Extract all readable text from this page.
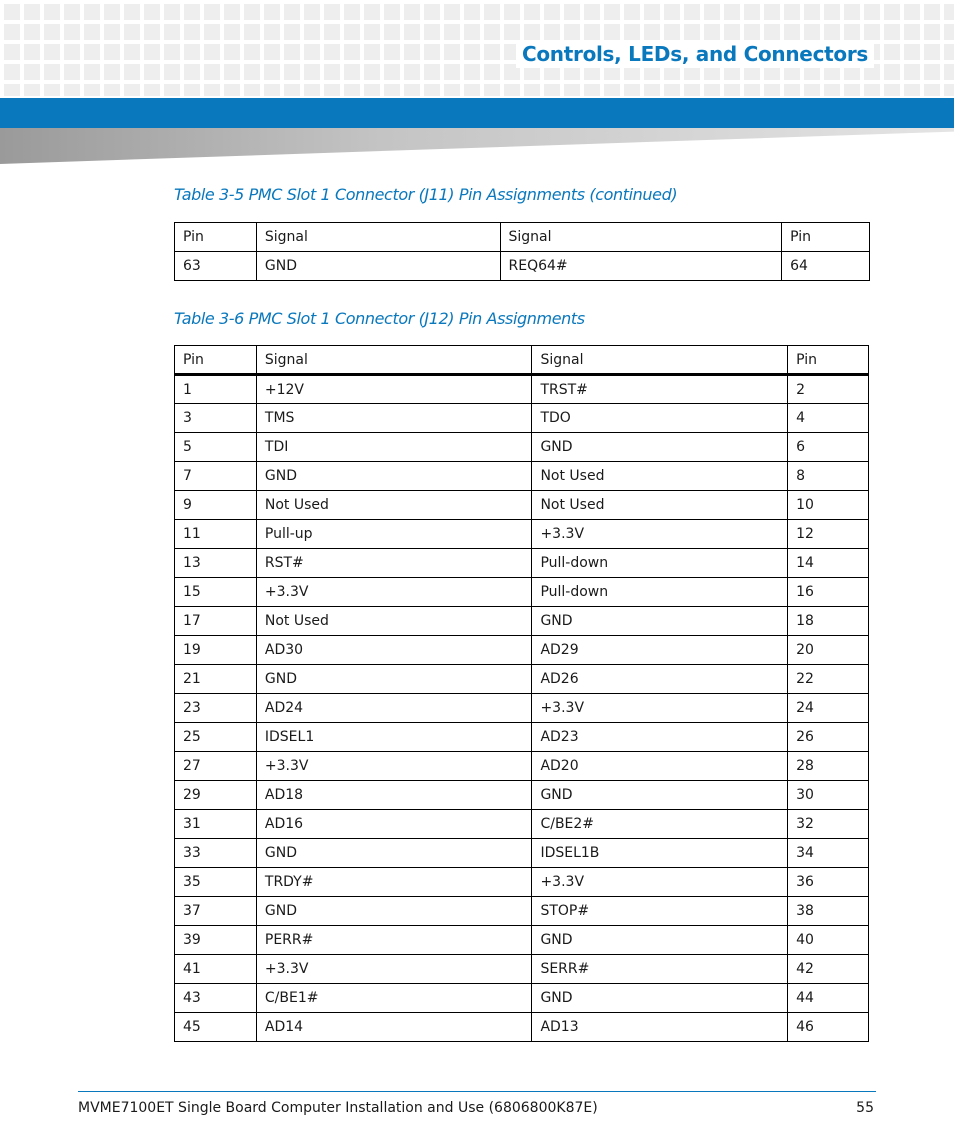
Controls, LEDs, and Connectors
Table 3-5 PMC Slot 1 Connector (J11) Pin Assignments (continued)
Pin	Signal	Signal	Pin
63	GND	REQ64#	64
Table 3-6 PMC Slot 1 Connector (J12) Pin Assignments
Pin	Signal	Signal	Pin
1	+12V	TRST#	2
3	TMS	TDO	4
5	TDI	GND	6
7	GND	Not Used	8
9	Not Used	Not Used	10
11	Pull-up	+3.3V	12
13	RST#	Pull-down	14
15	+3.3V	Pull-down	16
17	Not Used	GND	18
19	AD30	AD29	20
21	GND	AD26	22
23	AD24	+3.3V	24
25	IDSEL1	AD23	26
27	+3.3V	AD20	28
29	AD18	GND	30
31	AD16	C/BE2#	32
33	GND	IDSEL1B	34
35	TRDY#	+3.3V	36
37	GND	STOP#	38
39	PERR#	GND	40
41	+3.3V	SERR#	42
43	C/BE1#	GND	44
45	AD14	AD13	46
MVME7100ET Single Board Computer Installation and Use (6806800K87E)	55
